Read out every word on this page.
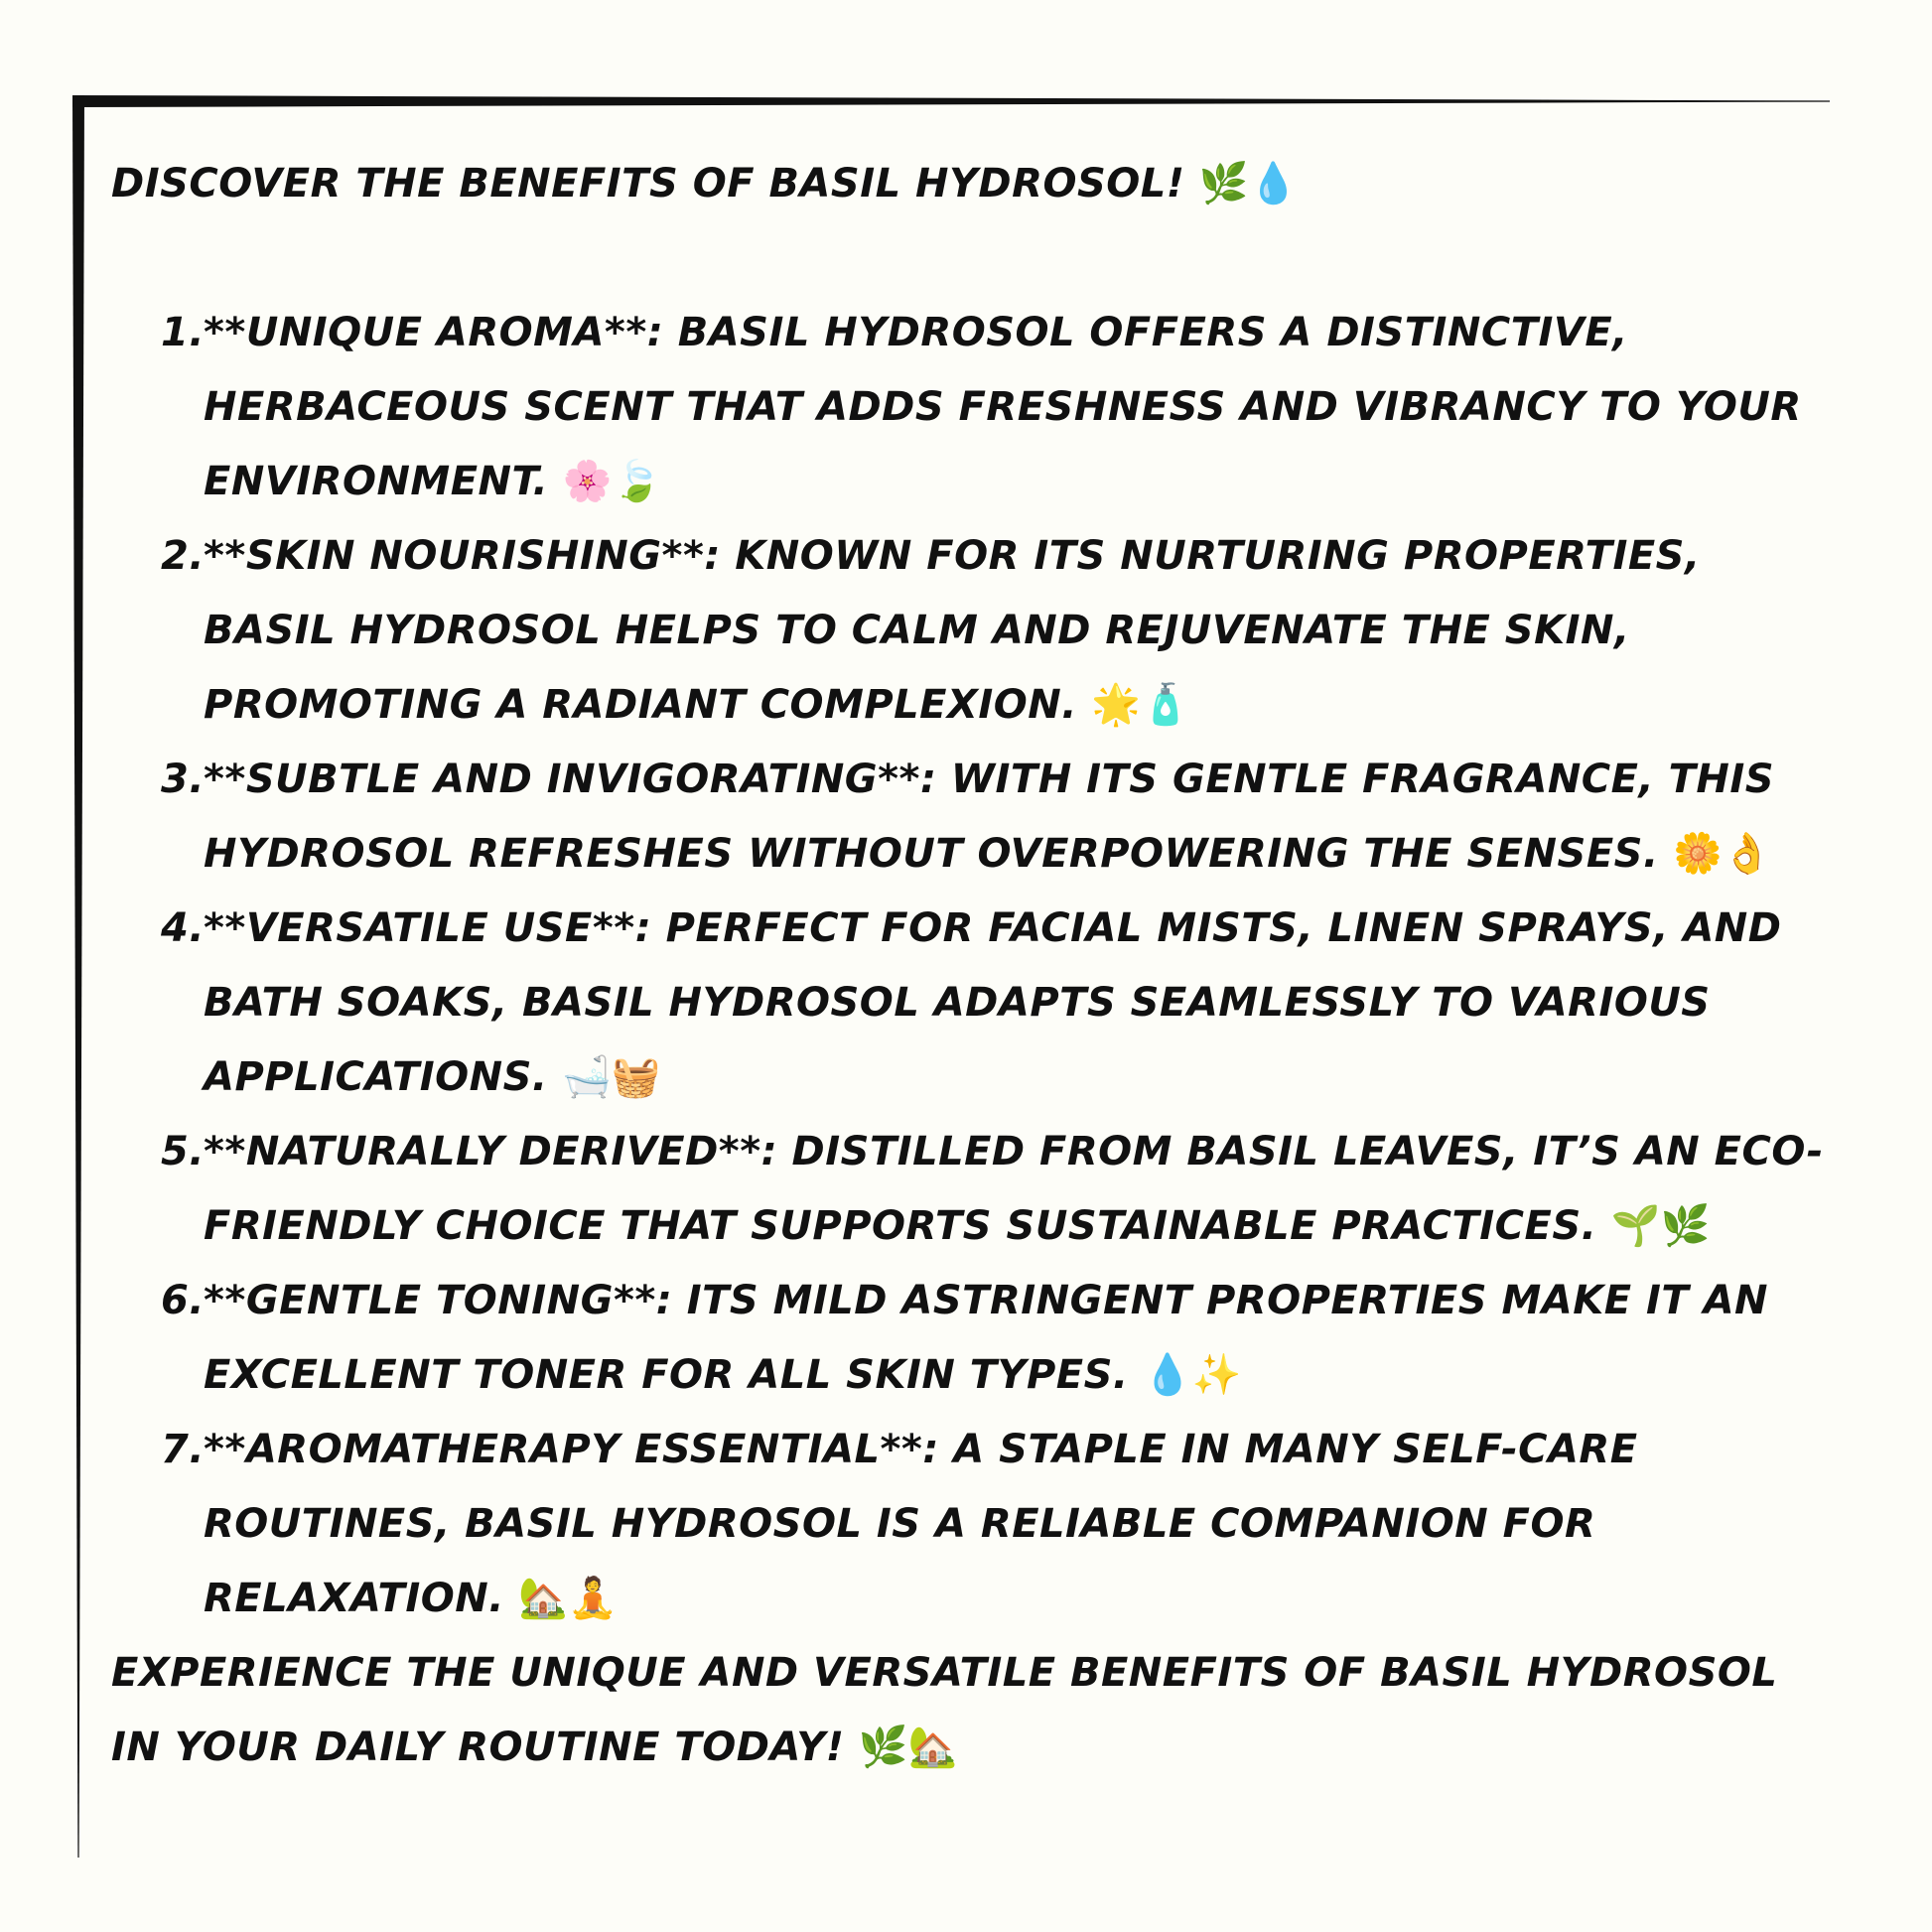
DISCOVER THE BENEFITS OF BASIL HYDROSOL! 🌿💧

1.
**UNIQUE AROMA**: BASIL HYDROSOL OFFERS A DISTINCTIVE, HERBACEOUS SCENT THAT ADDS FRESHNESS AND VIBRANCY TO YOUR ENVIRONMENT. 🌸🍃
2.
**SKIN NOURISHING**: KNOWN FOR ITS NURTURING PROPERTIES, BASIL HYDROSOL HELPS TO CALM AND REJUVENATE THE SKIN, PROMOTING A RADIANT COMPLEXION. 🌟🧴
3.
**SUBTLE AND INVIGORATING**: WITH ITS GENTLE FRAGRANCE, THIS HYDROSOL REFRESHES WITHOUT OVERPOWERING THE SENSES. 🌼👌
4.
**VERSATILE USE**: PERFECT FOR FACIAL MISTS, LINEN SPRAYS, AND BATH SOAKS, BASIL HYDROSOL ADAPTS SEAMLESSLY TO VARIOUS APPLICATIONS. 🛁🧺
5.
**NATURALLY DERIVED**: DISTILLED FROM BASIL LEAVES, IT’S AN ECO-FRIENDLY CHOICE THAT SUPPORTS SUSTAINABLE PRACTICES. 🌱🌿
6.
**GENTLE TONING**: ITS MILD ASTRINGENT PROPERTIES MAKE IT AN EXCELLENT TONER FOR ALL SKIN TYPES. 💧✨
7.
**AROMATHERAPY ESSENTIAL**: A STAPLE IN MANY SELF-CARE ROUTINES, BASIL HYDROSOL IS A RELIABLE COMPANION FOR RELAXATION. 🏡🧘

EXPERIENCE THE UNIQUE AND VERSATILE BENEFITS OF BASIL HYDROSOL IN YOUR DAILY ROUTINE TODAY! 🌿🏡
